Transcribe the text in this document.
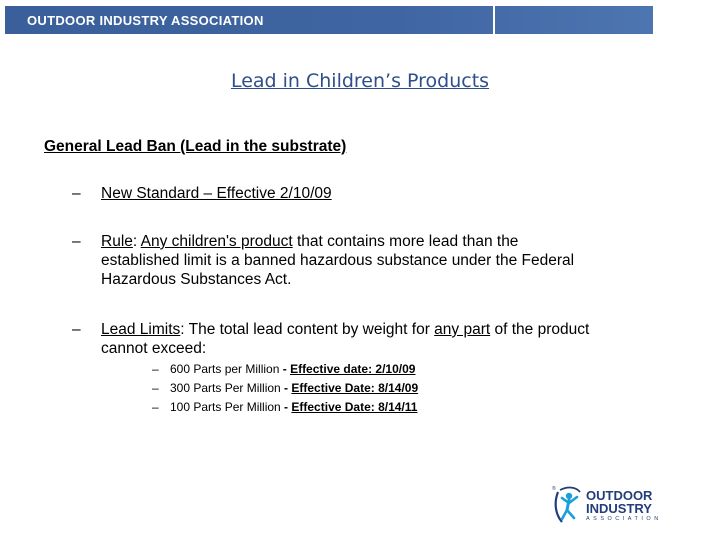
OUTDOOR INDUSTRY ASSOCIATION
Lead in Children’s Products
General Lead Ban (Lead in the substrate)
– New Standard – Effective 2/10/09
– Rule: Any children's product that contains more lead than the
established limit is a banned hazardous substance under the Federal
Hazardous Substances Act.
– Lead Limits: The total lead content by weight for any part of the product
cannot exceed:
– 600 Parts per Million - Effective date: 2/10/09
– 300 Parts Per Million - Effective Date: 8/14/09
– 100 Parts Per Million - Effective Date: 8/14/11
® OUTDOOR
INDUSTRY
ASSOCIATION
